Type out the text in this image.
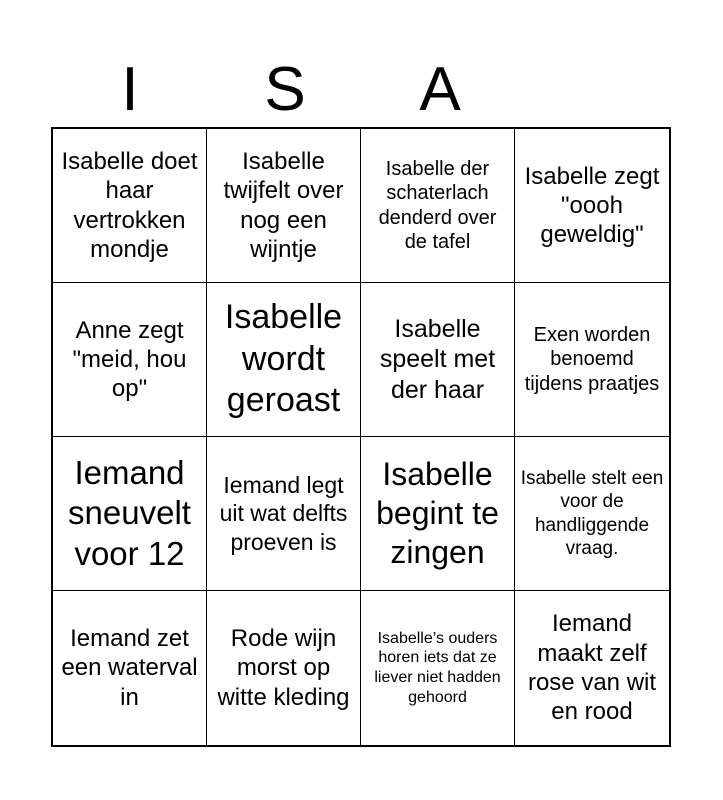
I	S	A
Isabelle doet haar vertrokken mondje
Isabelle twijfelt over nog een wijntje
Isabelle der schaterlach denderd over de tafel
Isabelle zegt "oooh geweldig"
Anne zegt "meid, hou op"
Isabelle wordt geroast
Isabelle speelt met der haar
Exen worden benoemd tijdens praatjes
Iemand sneuvelt voor 12
Iemand legt uit wat delfts proeven is
Isabelle begint te zingen
Isabelle stelt een voor de handliggende vraag.
Iemand zet een waterval in
Rode wijn morst op witte kleding
Isabelle’s ouders horen iets dat ze liever niet hadden gehoord
Iemand maakt zelf rose van wit en rood
